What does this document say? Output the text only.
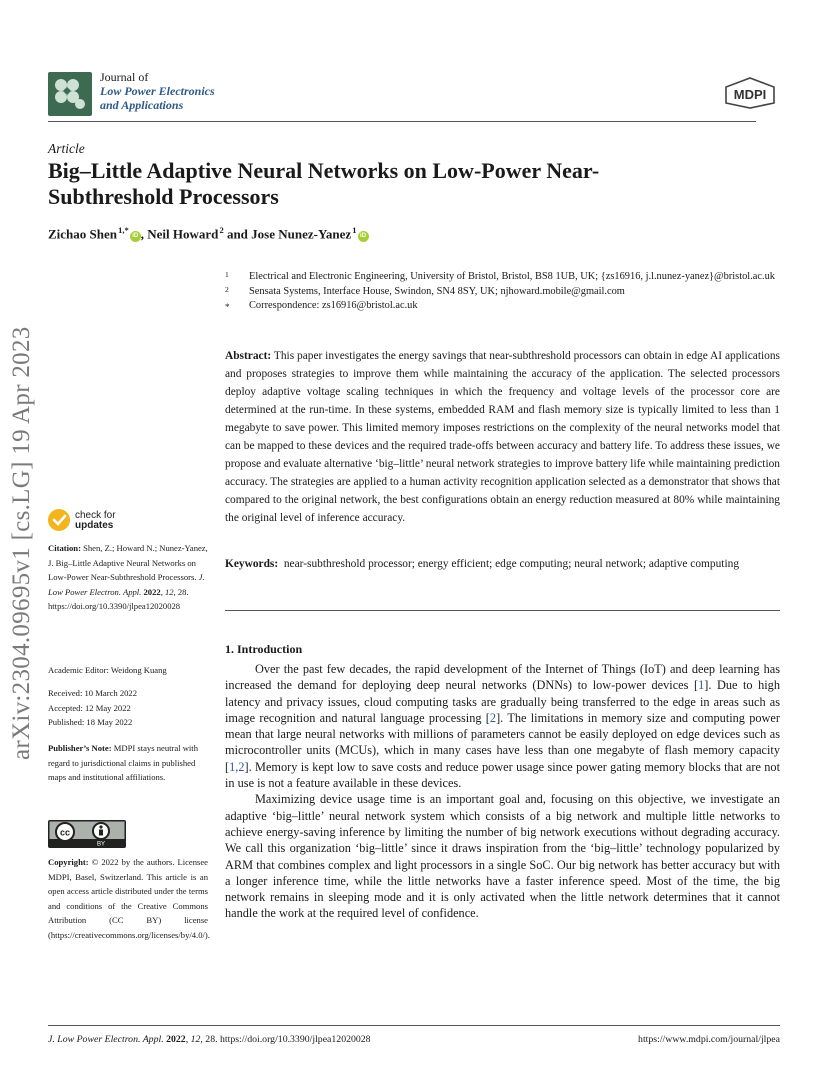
Journal of
Low Power Electronics
and Applications
MDPI
Article
Big–Little Adaptive Neural Networks on Low-Power Near-Subthreshold Processors
Zichao Shen $^{1,*}$iD , Neil Howard $^2$ and Jose Nunez-Yanez $^1$iD
1 Electrical and Electronic Engineering, University of Bristol, Bristol, BS8 1UB, UK; {zs16916, j.l.nunez-yanez}@bristol.ac.uk
2 Sensata Systems, Interface House, Swindon, SN4 8SY, UK; njhoward.mobile@gmail.com
* Correspondence: zs16916@bristol.ac.uk
Abstract: This paper investigates the energy savings that near-subthreshold processors can obtain in edge AI applications and proposes strategies to improve them while maintaining the accuracy of the application. The selected processors deploy adaptive voltage scaling techniques in which the frequency and voltage levels of the processor core are determined at the run-time. In these systems, embedded RAM and flash memory size is typically limited to less than 1 megabyte to save power. This limited memory imposes restrictions on the complexity of the neural networks model that can be mapped to these devices and the required trade-offs between accuracy and battery life. To address these issues, we propose and evaluate alternative ‘big–little’ neural network strategies to improve battery life while maintaining prediction accuracy. The strategies are applied to a human activity recognition application selected as a demonstrator that shows that compared to the original network, the best configurations obtain an energy reduction measured at 80% while maintaining the original level of inference accuracy.
Keywords: near-subthreshold processor; energy efficient; edge computing; neural network; adaptive computing
1. Introduction

Over the past few decades, the rapid development of the Internet of Things (IoT) and deep learning has increased the demand for deploying deep neural networks (DNNs) to low-power devices [1]. Due to high latency and privacy issues, cloud computing tasks are gradually being transferred to the edge in areas such as image recognition and natural language processing [2]. The limitations in memory size and computing power mean that large neural networks with millions of parameters cannot be easily deployed on edge devices such as microcontroller units (MCUs), which in many cases have less than one megabyte of flash memory capacity [1,2]. Memory is kept low to save costs and reduce power usage since power gating memory blocks that are not in use is not a feature available in these devices.

Maximizing device usage time is an important goal and, focusing on this objective, we investigate an adaptive ‘big–little’ neural network system which consists of a big network and multiple little networks to achieve energy-saving inference by limiting the number of big network executions without degrading accuracy. We call this organization ‘big–little’ since it draws inspiration from the ‘big–little’ technology popularized by ARM that combines complex and light processors in a single SoC. Our big network has better accuracy but with a longer inference time, while the little networks have a faster inference speed. Most of the time, the big network remains in sleeping mode and it is only activated when the little network determines that it cannot handle the work at the required level of confidence.

arXiv:2304.09695v1 [cs.LG] 19 Apr 2023	check for
updates
Citation: Shen, Z.; Howard N.; Nunez-Yanez, J. Big–Little Adaptive Neural Networks on Low-Power Near-Subthreshold Processors. J. Low Power Electron. Appl. 2022, 12, 28. https://doi.org/10.3390/jlpea12020028
Academic Editor: Weidong Kuang
Received: 10 March 2022
Accepted: 12 May 2022
Published: 18 May 2022
Publisher’s Note: MDPI stays neutral with regard to jurisdictional claims in published maps and institutional affiliations.
cc
BY
Copyright: © 2022 by the authors. Licensee MDPI, Basel, Switzerland. This article is an open access article distributed under the terms and conditions of the Creative Commons Attribution (CC BY) license (https://creativecommons.org/licenses/by/4.0/).
J. Low Power Electron. Appl. 2022, 12, 28. https://doi.org/10.3390/jlpea12020028	https://www.mdpi.com/journal/jlpea
